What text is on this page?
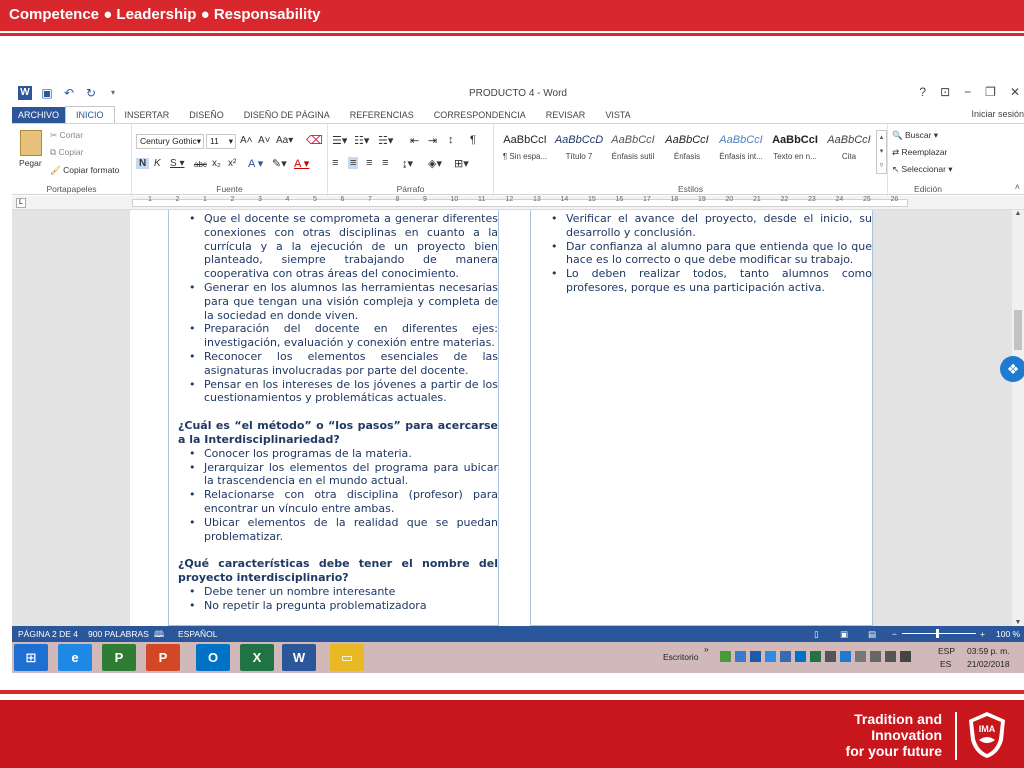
Competence ● Leadership ● Responsability
W ▣ ↶ ↻	▾	PRODUCTO 4 - Word	? ⊡ − ❐ ✕
ARCHIVO	INICIO	INSERTAR	DISEÑO	DISEÑO DE PÁGINA	REFERENCIAS	CORRESPONDENCIA	REVISAR	VISTA	Iniciar sesión
Pegar
✂ Cortar
⧉ Copiar
🖌 Copiar formato
Portapapeles
Century Gothic ▾	11 ▾ A˄ A˅ Aa▾ ⌫
N K S ▾ abc x₂ x² A ▾ ✎▾ A ▾
Fuente
☰▾ ☷▾ ☵▾ ⇤ ⇥ ↕ ¶
≡ ≡ ≡ ≡ ↨▾ ◈▾ ⊞▾
Párrafo
AaBbCcI
¶ Sin espa...
AaBbCcD
Título 7
AaBbCcI
Énfasis sutil
AaBbCcI
Énfasis
AaBbCcI
Énfasis int...
AaBbCcI
Texto en n...
AaBbCcI
Cita
▴
▾
▿
Estilos
🔍 Buscar ▾
⇄ Reemplazar
↖ Seleccionar ▾
Edición	˄
L	1	2	1	2	3	4	5	6	7	8	9	10	11	12	13	14	15	16	17	18	19	20	21	22	23	24	25	26
• Que el docente se comprometa a generar diferentes conexiones con otras disciplinas en cuanto a la currícula y a la ejecución de un proyecto bien planteado, siempre trabajando de manera cooperativa con otras áreas del conocimiento.
• Generar en los alumnos las herramientas necesarias para que tengan una visión compleja y completa de la sociedad en donde viven.
• Preparación del docente en diferentes ejes: investigación, evaluación y conexión entre materias.
• Reconocer los elementos esenciales de las asignaturas involucradas por parte del docente.
• Pensar en los intereses de los jóvenes a partir de los cuestionamientos y problemáticas actuales.
¿Cuál es “el método” o “los pasos” para acercarse a la Interdisciplinariedad?
• Conocer los programas de la materia.
• Jerarquizar los elementos del programa para ubicar la trascendencia en el mundo actual.
• Relacionarse con otra disciplina (profesor) para encontrar un vínculo entre ambas.
• Ubicar elementos de la realidad que se puedan problematizar.
¿Qué características debe tener el nombre del proyecto interdisciplinario?
• Debe tener un nombre interesante
• No repetir la pregunta problematizadora
• Verificar el avance del proyecto, desde el inicio, su desarrollo y conclusión.
• Dar confianza al alumno para que entienda que lo que hace es lo correcto o que debe modificar su trabajo.
• Lo deben realizar todos, tanto alumnos como profesores, porque es una participación activa.
▲
▼
❖
PÁGINA 2 DE 4 900 PALABRAS 🕮 ESPAÑOL	▯	▣ ▤ −	+ 100 %
⊞	e	P	P	O	X	W	▭	Escritorio
»	ESP
ES
03:59 p. m.
21/02/2018
Tradition and
Innovation
for your future
IMA
